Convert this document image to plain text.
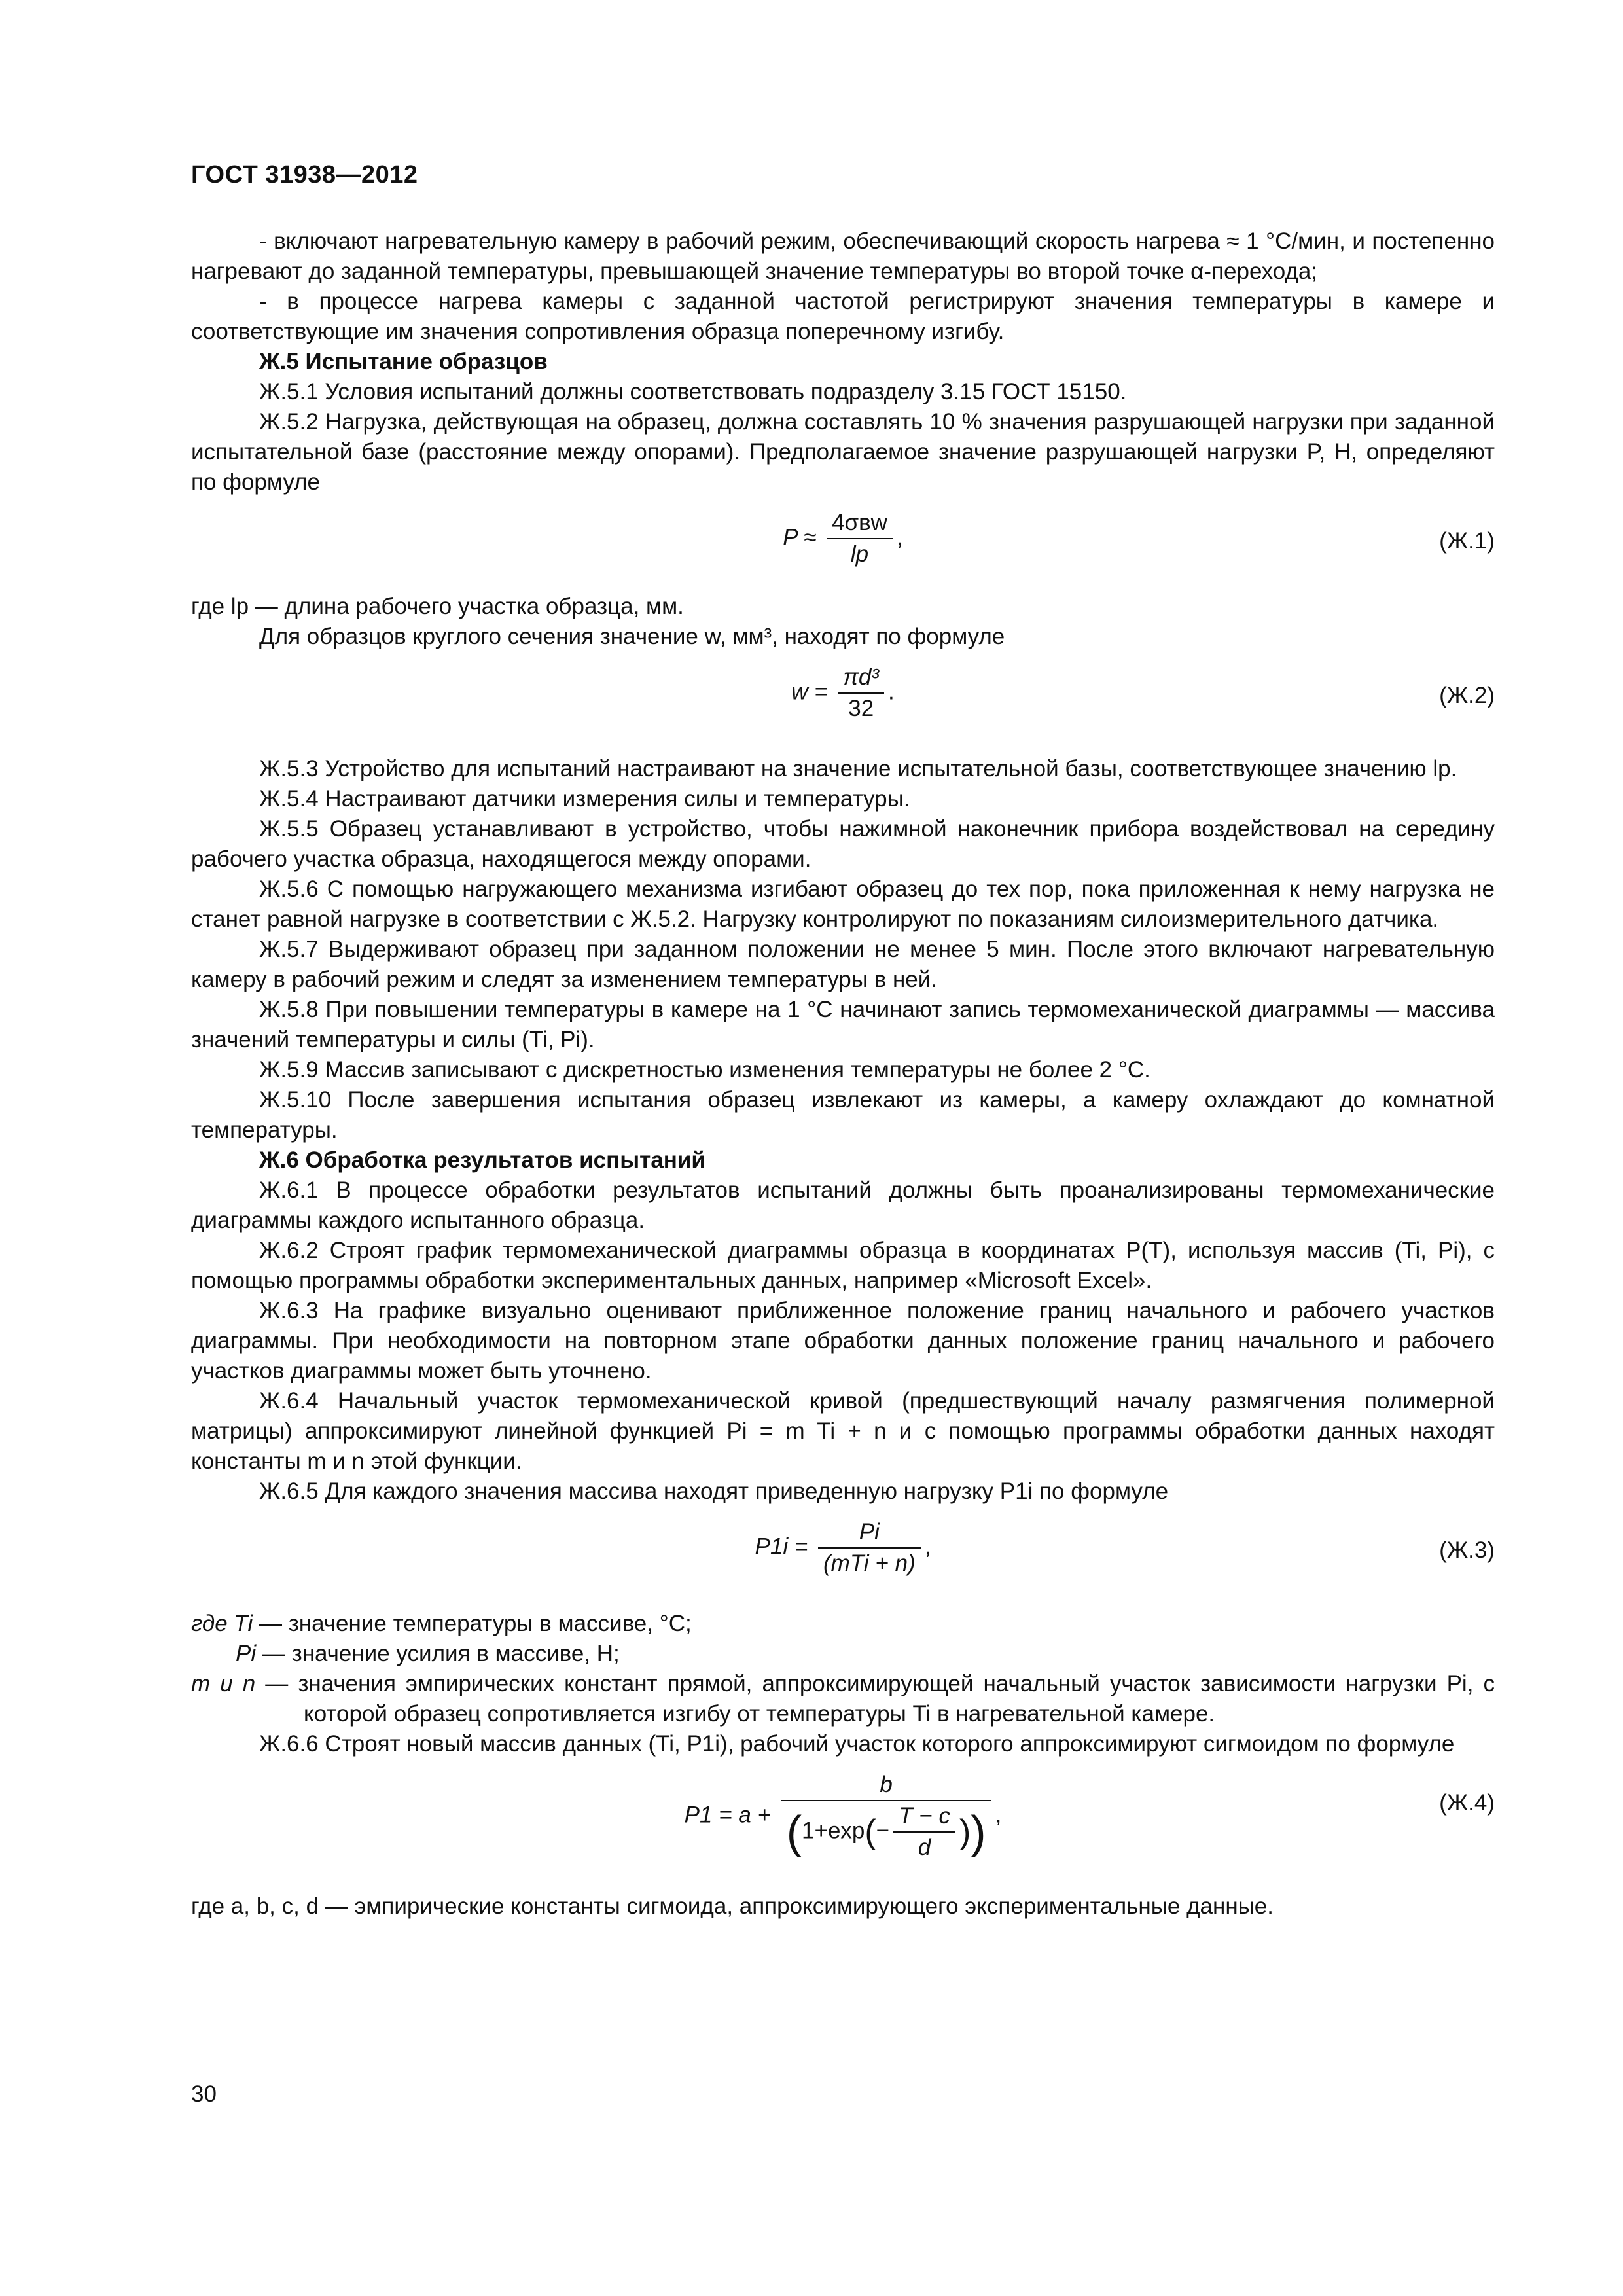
ГОСТ 31938—2012

- включают нагревательную камеру в рабочий режим, обеспечивающий скорость нагрева ≈ 1 °С/мин, и постепенно нагревают до заданной температуры, превышающей значение температуры во второй точке α-перехода;

- в процессе нагрева камеры с заданной частотой регистрируют значения температуры в камере и соответствующие им значения сопротивления образца поперечному изгибу.

Ж.5 Испытание образцов

Ж.5.1 Условия испытаний должны соответствовать подразделу 3.15 ГОСТ 15150.

Ж.5.2 Нагрузка, действующая на образец, должна составлять 10 % значения разрушающей нагрузки при заданной испытательной базе (расстояние между опорами). Предполагаемое значение разрушающей нагрузки P, Н, определяют по формуле

$P \approx \frac{\text{4σвw}}{lp}$ ,	(Ж.1)

где lp — длина рабочего участка образца, мм.

Для образцов круглого сечения значение w, мм³, находят по формуле

$w = \frac{\text{πd³}}{32}$ .	(Ж.2)

Ж.5.3 Устройство для испытаний настраивают на значение испытательной базы, соответствующее значению lp.

Ж.5.4 Настраивают датчики измерения силы и температуры.

Ж.5.5 Образец устанавливают в устройство, чтобы нажимной наконечник прибора воздействовал на середину рабочего участка образца, находящегося между опорами.

Ж.5.6 С помощью нагружающего механизма изгибают образец до тех пор, пока приложенная к нему нагрузка не станет равной нагрузке в соответствии с Ж.5.2. Нагрузку контролируют по показаниям силоизмерительного датчика.

Ж.5.7 Выдерживают образец при заданном положении не менее 5 мин. После этого включают нагревательную камеру в рабочий режим и следят за изменением температуры в ней.

Ж.5.8 При повышении температуры в камере на 1 °С начинают запись термомеханической диаграммы — массива значений температуры и силы (Ti, Pi).

Ж.5.9 Массив записывают с дискретностью изменения температуры не более 2 °С.

Ж.5.10 После завершения испытания образец извлекают из камеры, а камеру охлаждают до комнатной температуры.

Ж.6 Обработка результатов испытаний

Ж.6.1 В процессе обработки результатов испытаний должны быть проанализированы термомеханические диаграммы каждого испытанного образца.

Ж.6.2 Строят график термомеханической диаграммы образца в координатах P(T), используя массив (Ti, Pi), с помощью программы обработки экспериментальных данных, например «Microsoft Excel».

Ж.6.3 На графике визуально оценивают приближенное положение границ начального и рабочего участков диаграммы. При необходимости на повторном этапе обработки данных положение границ начального и рабочего участков диаграммы может быть уточнено.

Ж.6.4 Начальный участок термомеханической кривой (предшествующий началу размягчения полимерной матрицы) аппроксимируют линейной функцией Pi = m Ti + n и с помощью программы обработки данных находят константы m и n этой функции.

Ж.6.5 Для каждого значения массива находят приведенную нагрузку P1i по формуле

$P1i = \frac{Pi}{\text{(mTi + n)}}$ ,	(Ж.3)

где Ti — значение температуры в массиве, °С;

Pi — значение усилия в массиве, Н;

m и n — значения эмпирических констант прямой, аппроксимирующей начальный участок зависимости нагрузки Pi, с которой образец сопротивляется изгибу от температуры Ti в нагревательной камере.

Ж.6.6 Строят новый массив данных (Ti, P1i), рабочий участок которого аппроксимируют сигмоидом по формуле

$P1 = a + \frac{b}{(1+\exp(- \frac{T - c}{d} ))}$ ,	(Ж.4)

где a, b, c, d — эмпирические константы сигмоида, аппроксимирующего экспериментальные данные.

30
